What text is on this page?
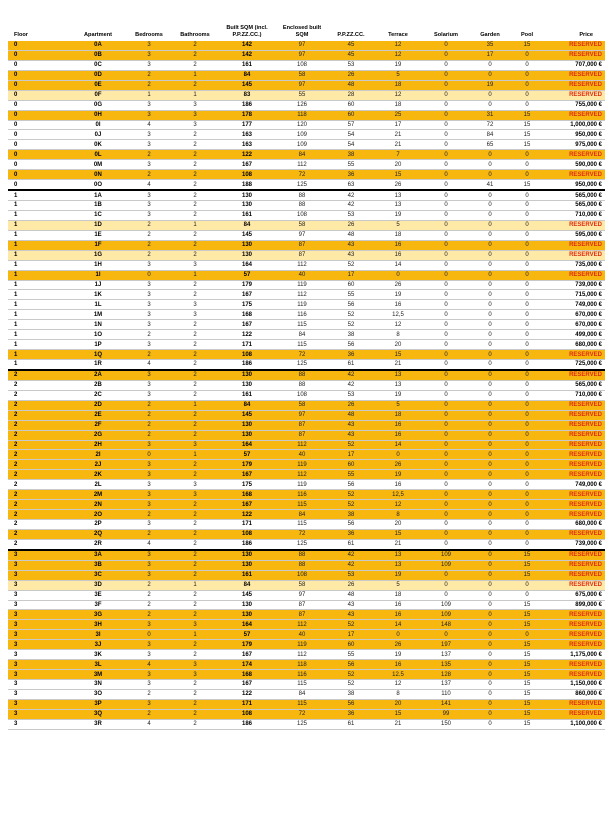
Floor	Apartment	Bedrooms	Bathrooms	Built SQM (incl. P.P.ZZ.CC.)	Enclosed built SQM	P.P.ZZ.CC.	Terrace	Solarium	Garden	Pool	Price
0	0A	3	2	142	97	45	12	0	35	15	RESERVED
0	0B	3	2	142	97	45	12	0	17	0	RESERVED
0	0C	3	2	161	108	53	19	0	0	0	707,000 €
0	0D	2	1	84	58	26	5	0	0	0	RESERVED
0	0E	2	2	145	97	48	18	0	19	0	RESERVED
0	0F	1	1	83	55	28	12	0	0	0	RESERVED
0	0G	3	3	186	126	60	18	0	0	0	755,000 €
0	0H	3	3	178	118	60	25	0	31	15	RESERVED
0	0I	4	3	177	120	57	17	0	72	15	1,000,000 €
0	0J	3	2	163	109	54	21	0	84	15	950,000 €
0	0K	3	2	163	109	54	21	0	65	15	975,000 €
0	0L	2	2	122	84	38	7	0	0	0	RESERVED
0	0M	3	2	167	112	55	20	0	0	0	590,000 €
0	0N	2	2	108	72	36	15	0	0	0	RESERVED
0	0O	4	2	188	125	63	26	0	41	15	950,000 €
1	1A	3	2	130	88	42	13	0	0	0	565,000 €
1	1B	3	2	130	88	42	13	0	0	0	565,000 €
1	1C	3	2	161	108	53	19	0	0	0	710,000 €
1	1D	2	1	84	58	26	5	0	0	0	RESERVED
1	1E	2	2	145	97	48	18	0	0	0	595,000 €
1	1F	2	2	130	87	43	16	0	0	0	RESERVED
1	1G	2	2	130	87	43	16	0	0	0	RESERVED
1	1H	3	3	164	112	52	14	0	0	0	735,000 €
1	1I	0	1	57	40	17	0	0	0	0	RESERVED
1	1J	3	2	179	119	60	26	0	0	0	739,000 €
1	1K	3	2	167	112	55	19	0	0	0	715,000 €
1	1L	3	3	175	119	56	16	0	0	0	749,000 €
1	1M	3	3	168	116	52	12,5	0	0	0	670,000 €
1	1N	3	2	167	115	52	12	0	0	0	670,000 €
1	1O	2	2	122	84	38	8	0	0	0	499,000 €
1	1P	3	2	171	115	56	20	0	0	0	680,000 €
1	1Q	2	2	108	72	36	15	0	0	0	RESERVED
1	1R	4	2	186	125	61	21	0	0	0	725,000 €
2	2A	3	2	130	88	42	13	0	0	0	RESERVED
2	2B	3	2	130	88	42	13	0	0	0	565,000 €
2	2C	3	2	161	108	53	19	0	0	0	710,000 €
2	2D	2	1	84	58	26	5	0	0	0	RESERVED
2	2E	2	2	145	97	48	18	0	0	0	RESERVED
2	2F	2	2	130	87	43	16	0	0	0	RESERVED
2	2G	2	2	130	87	43	16	0	0	0	RESERVED
2	2H	3	3	164	112	52	14	0	0	0	RESERVED
2	2I	0	1	57	40	17	0	0	0	0	RESERVED
2	2J	3	2	179	119	60	26	0	0	0	RESERVED
2	2K	3	2	167	112	55	19	0	0	0	RESERVED
2	2L	3	3	175	119	56	16	0	0	0	749,000 €
2	2M	3	3	168	116	52	12,5	0	0	0	RESERVED
2	2N	3	2	167	115	52	12	0	0	0	RESERVED
2	2O	2	2	122	84	38	8	0	0	0	RESERVED
2	2P	3	2	171	115	56	20	0	0	0	680,000 €
2	2Q	2	2	108	72	36	15	0	0	0	RESERVED
2	2R	4	2	186	125	61	21	0	0	0	739,000 €
3	3A	3	2	130	88	42	13	109	0	15	RESERVED
3	3B	3	2	130	88	42	13	109	0	15	RESERVED
3	3C	3	2	161	108	53	19	0	0	15	RESERVED
3	3D	2	1	84	58	26	5	0	0	0	RESERVED
3	3E	2	2	145	97	48	18	0	0	0	675,000 €
3	3F	2	2	130	87	43	16	109	0	15	899,000 €
3	3G	2	2	130	87	43	16	109	0	15	RESERVED
3	3H	3	3	164	112	52	14	148	0	15	RESERVED
3	3I	0	1	57	40	17	0	0	0	0	RESERVED
3	3J	3	2	179	119	60	26	197	0	15	RESERVED
3	3K	3	2	167	112	55	19	137	0	15	1,175,000 €
3	3L	4	3	174	118	56	16	135	0	15	RESERVED
3	3M	3	3	168	116	52	12.5	128	0	15	RESERVED
3	3N	3	2	167	115	52	12	137	0	15	1,150,000 €
3	3O	2	2	122	84	38	8	110	0	15	860,000 €
3	3P	3	2	171	115	56	20	141	0	15	RESERVED
3	3Q	2	2	108	72	36	15	99	0	15	RESERVED
3	3R	4	2	186	125	61	21	150	0	15	1,100,000 €
